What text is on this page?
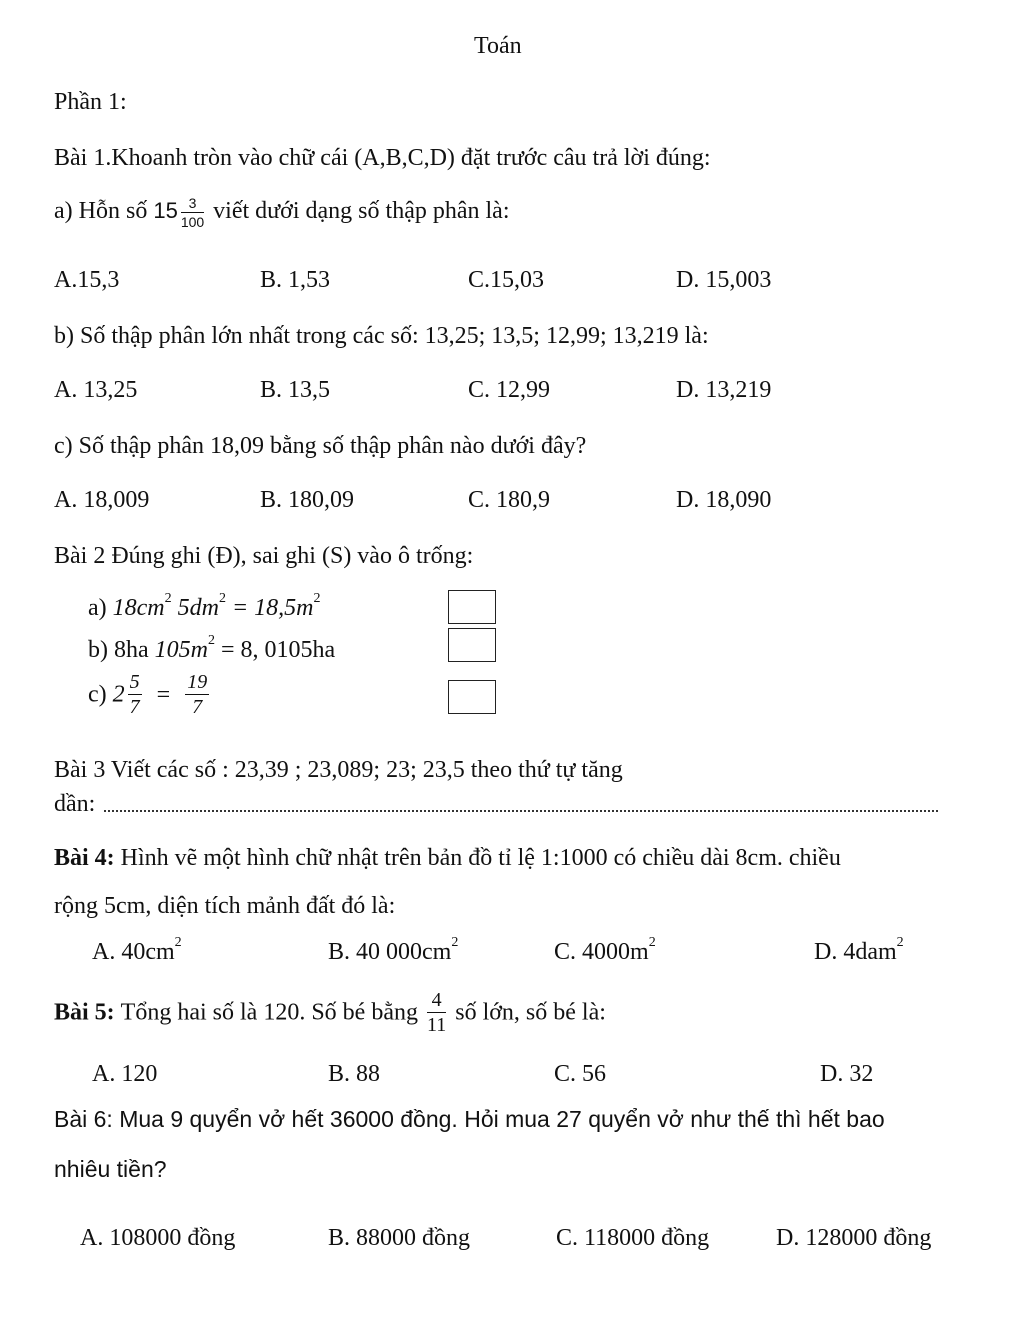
Toán
Phần 1:
Bài 1.Khoanh tròn vào chữ cái (A,B,C,D) đặt trước câu trả lời đúng:
a) Hỗn số $15 \frac{3}{100}$ viết dưới dạng số thập phân là:
A.15,3	B. 1,53	C.15,03	D. 15,003
b) Số thập phân lớn nhất trong các số: 13,25; 13,5; 12,99; 13,219 là:
A. 13,25	B. 13,5	C. 12,99	D. 13,219
c) Số thập phân 18,09 bằng số thập phân nào dưới đây?
A. 18,009	B. 180,09	C. 180,9	D. 18,090
Bài 2 Đúng ghi (Đ), sai ghi (S) vào ô trống:
a) $18cm^2$ $5dm^2 = 18,5m^2$
b) 8ha $105m^2 = 8$, 0105ha
c) $2 \frac{5}{7} = \frac{19}{7}$
Bài 3 Viết các số : 23,39 ; 23,089; 23; 23,5 theo thứ tự tăng
dần:
Bài 4: Hình vẽ một hình chữ nhật trên bản đồ tỉ lệ 1:1000 có chiều dài 8cm. chiều
rộng 5cm, diện tích mảnh đất đó là:
A. $40cm^2$	B. 40 $000cm^2$	C. $4000m^2$	D. 4dam$^2$
Bài 5: Tổng hai số là 120. Số bé bằng $\frac{4}{11}$ số lớn, số bé là:
A. 120	B. 88	C. 56	D. 32
Bài 6: Mua 9 quyển vở hết 36000 đồng. Hỏi mua 27 quyển vở như thế thì hết bao
nhiêu tiền?
A. 108000 đồng	B. 88000 đồng	C. 118000 đồng	D. 128000 đồng
